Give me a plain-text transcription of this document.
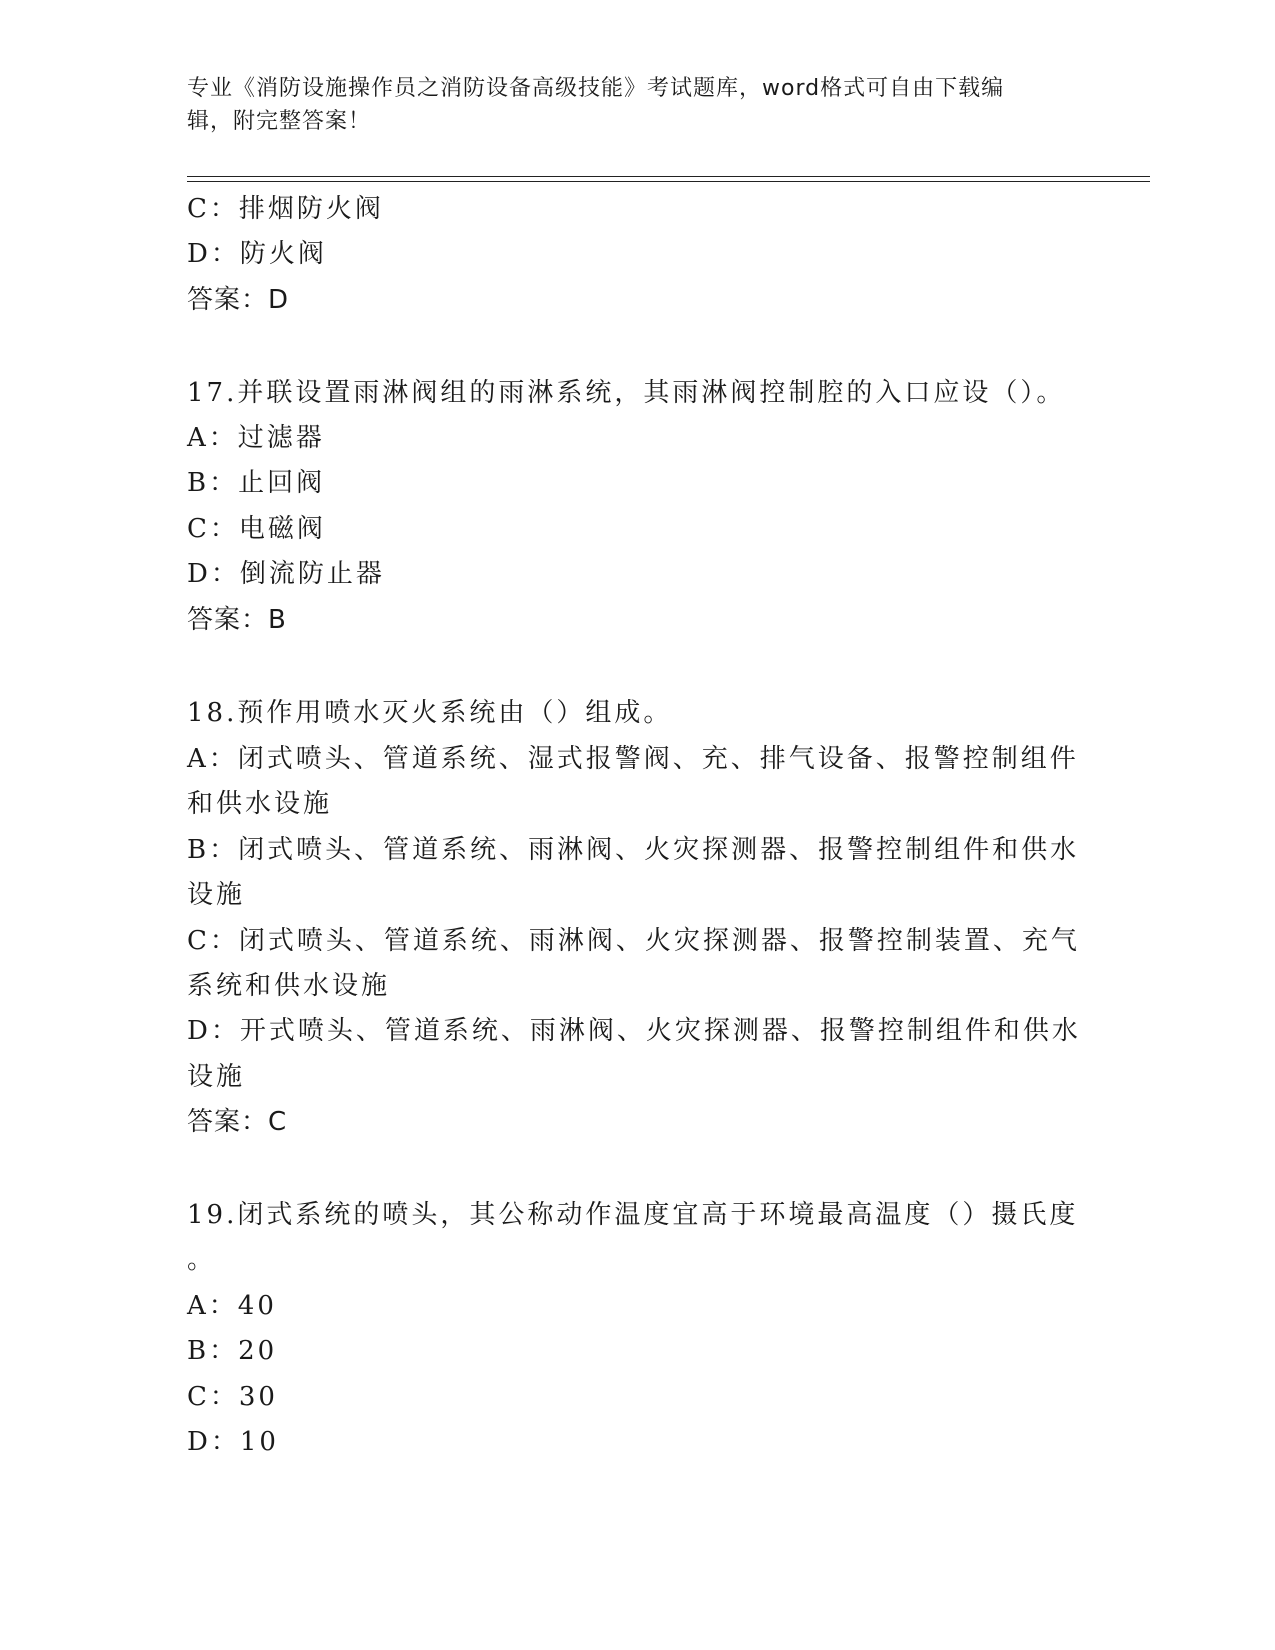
专业《消防设施操作员之消防设备高级技能》考试题库，word格式可自由下载编
辑，附完整答案！
C：排烟防火阀
D：防火阀
答案：D
17.并联设置雨淋阀组的雨淋系统，其雨淋阀控制腔的入口应设（）。
A：过滤器
B：止回阀
C：电磁阀
D：倒流防止器
答案：B
18.预作用喷水灭火系统由（）组成。
A：闭式喷头、管道系统、湿式报警阀、充、排气设备、报警控制组件
和供水设施
B：闭式喷头、管道系统、雨淋阀、火灾探测器、报警控制组件和供水
设施
C：闭式喷头、管道系统、雨淋阀、火灾探测器、报警控制装置、充气
系统和供水设施
D：开式喷头、管道系统、雨淋阀、火灾探测器、报警控制组件和供水
设施
答案：C
19.闭式系统的喷头，其公称动作温度宜高于环境最高温度（）摄氏度
。
A：40
B：20
C：30
D：10
